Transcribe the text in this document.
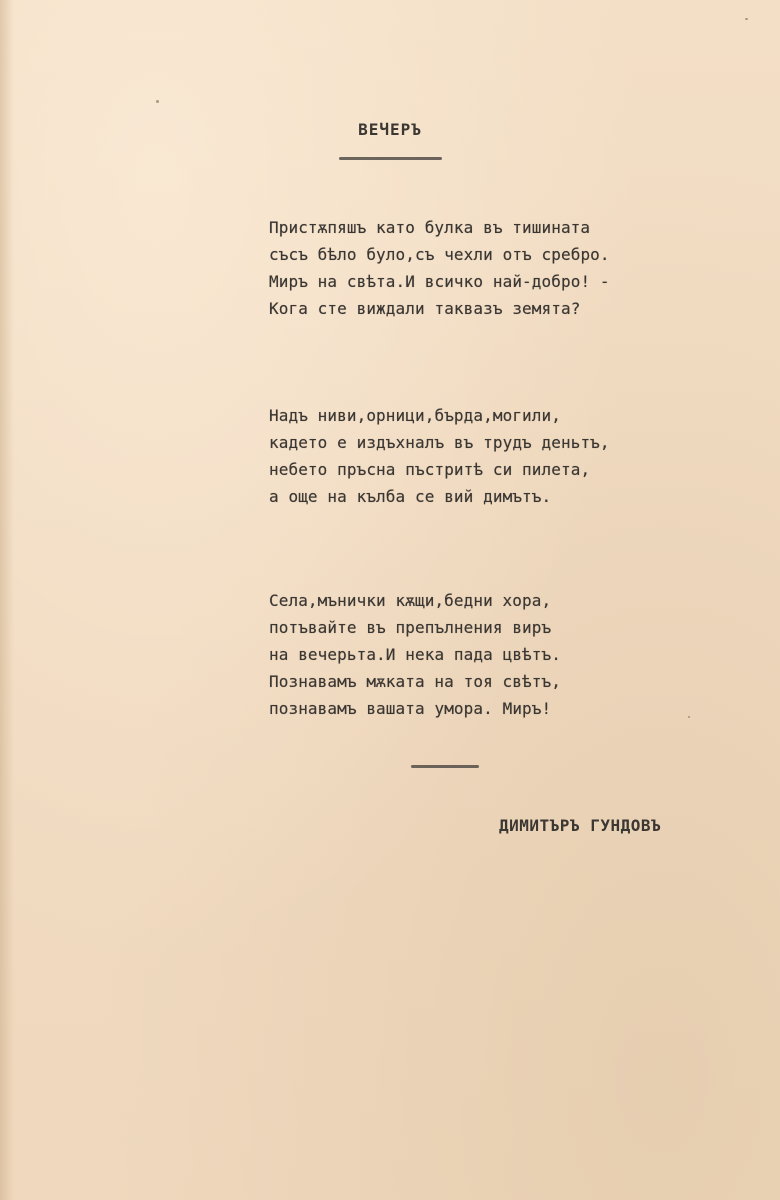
ВЕЧЕРЪ
Пристѫпяшъ като булка въ тишината
съсъ бѣло було,съ чехли отъ сребро.
Миръ на свѣта.И всичко най-добро! -
Кога сте виждали таквазъ земята?
Надъ ниви,орници,бърда,могили,
кадето е издъхналъ въ трудъ деньтъ,
небето пръсна пъстритѣ си пилета,
а още на кълба се вий димътъ.
Села,мънички кѫщи,бедни хора,
потъвайте въ препълнения виръ
на вечерьта.И нека пада цвѣтъ.
Познавамъ мѫката на тоя свѣтъ,
познавамъ вашата умора. Миръ!
ДИМИТЪРЪ ГУНДОВЪ
